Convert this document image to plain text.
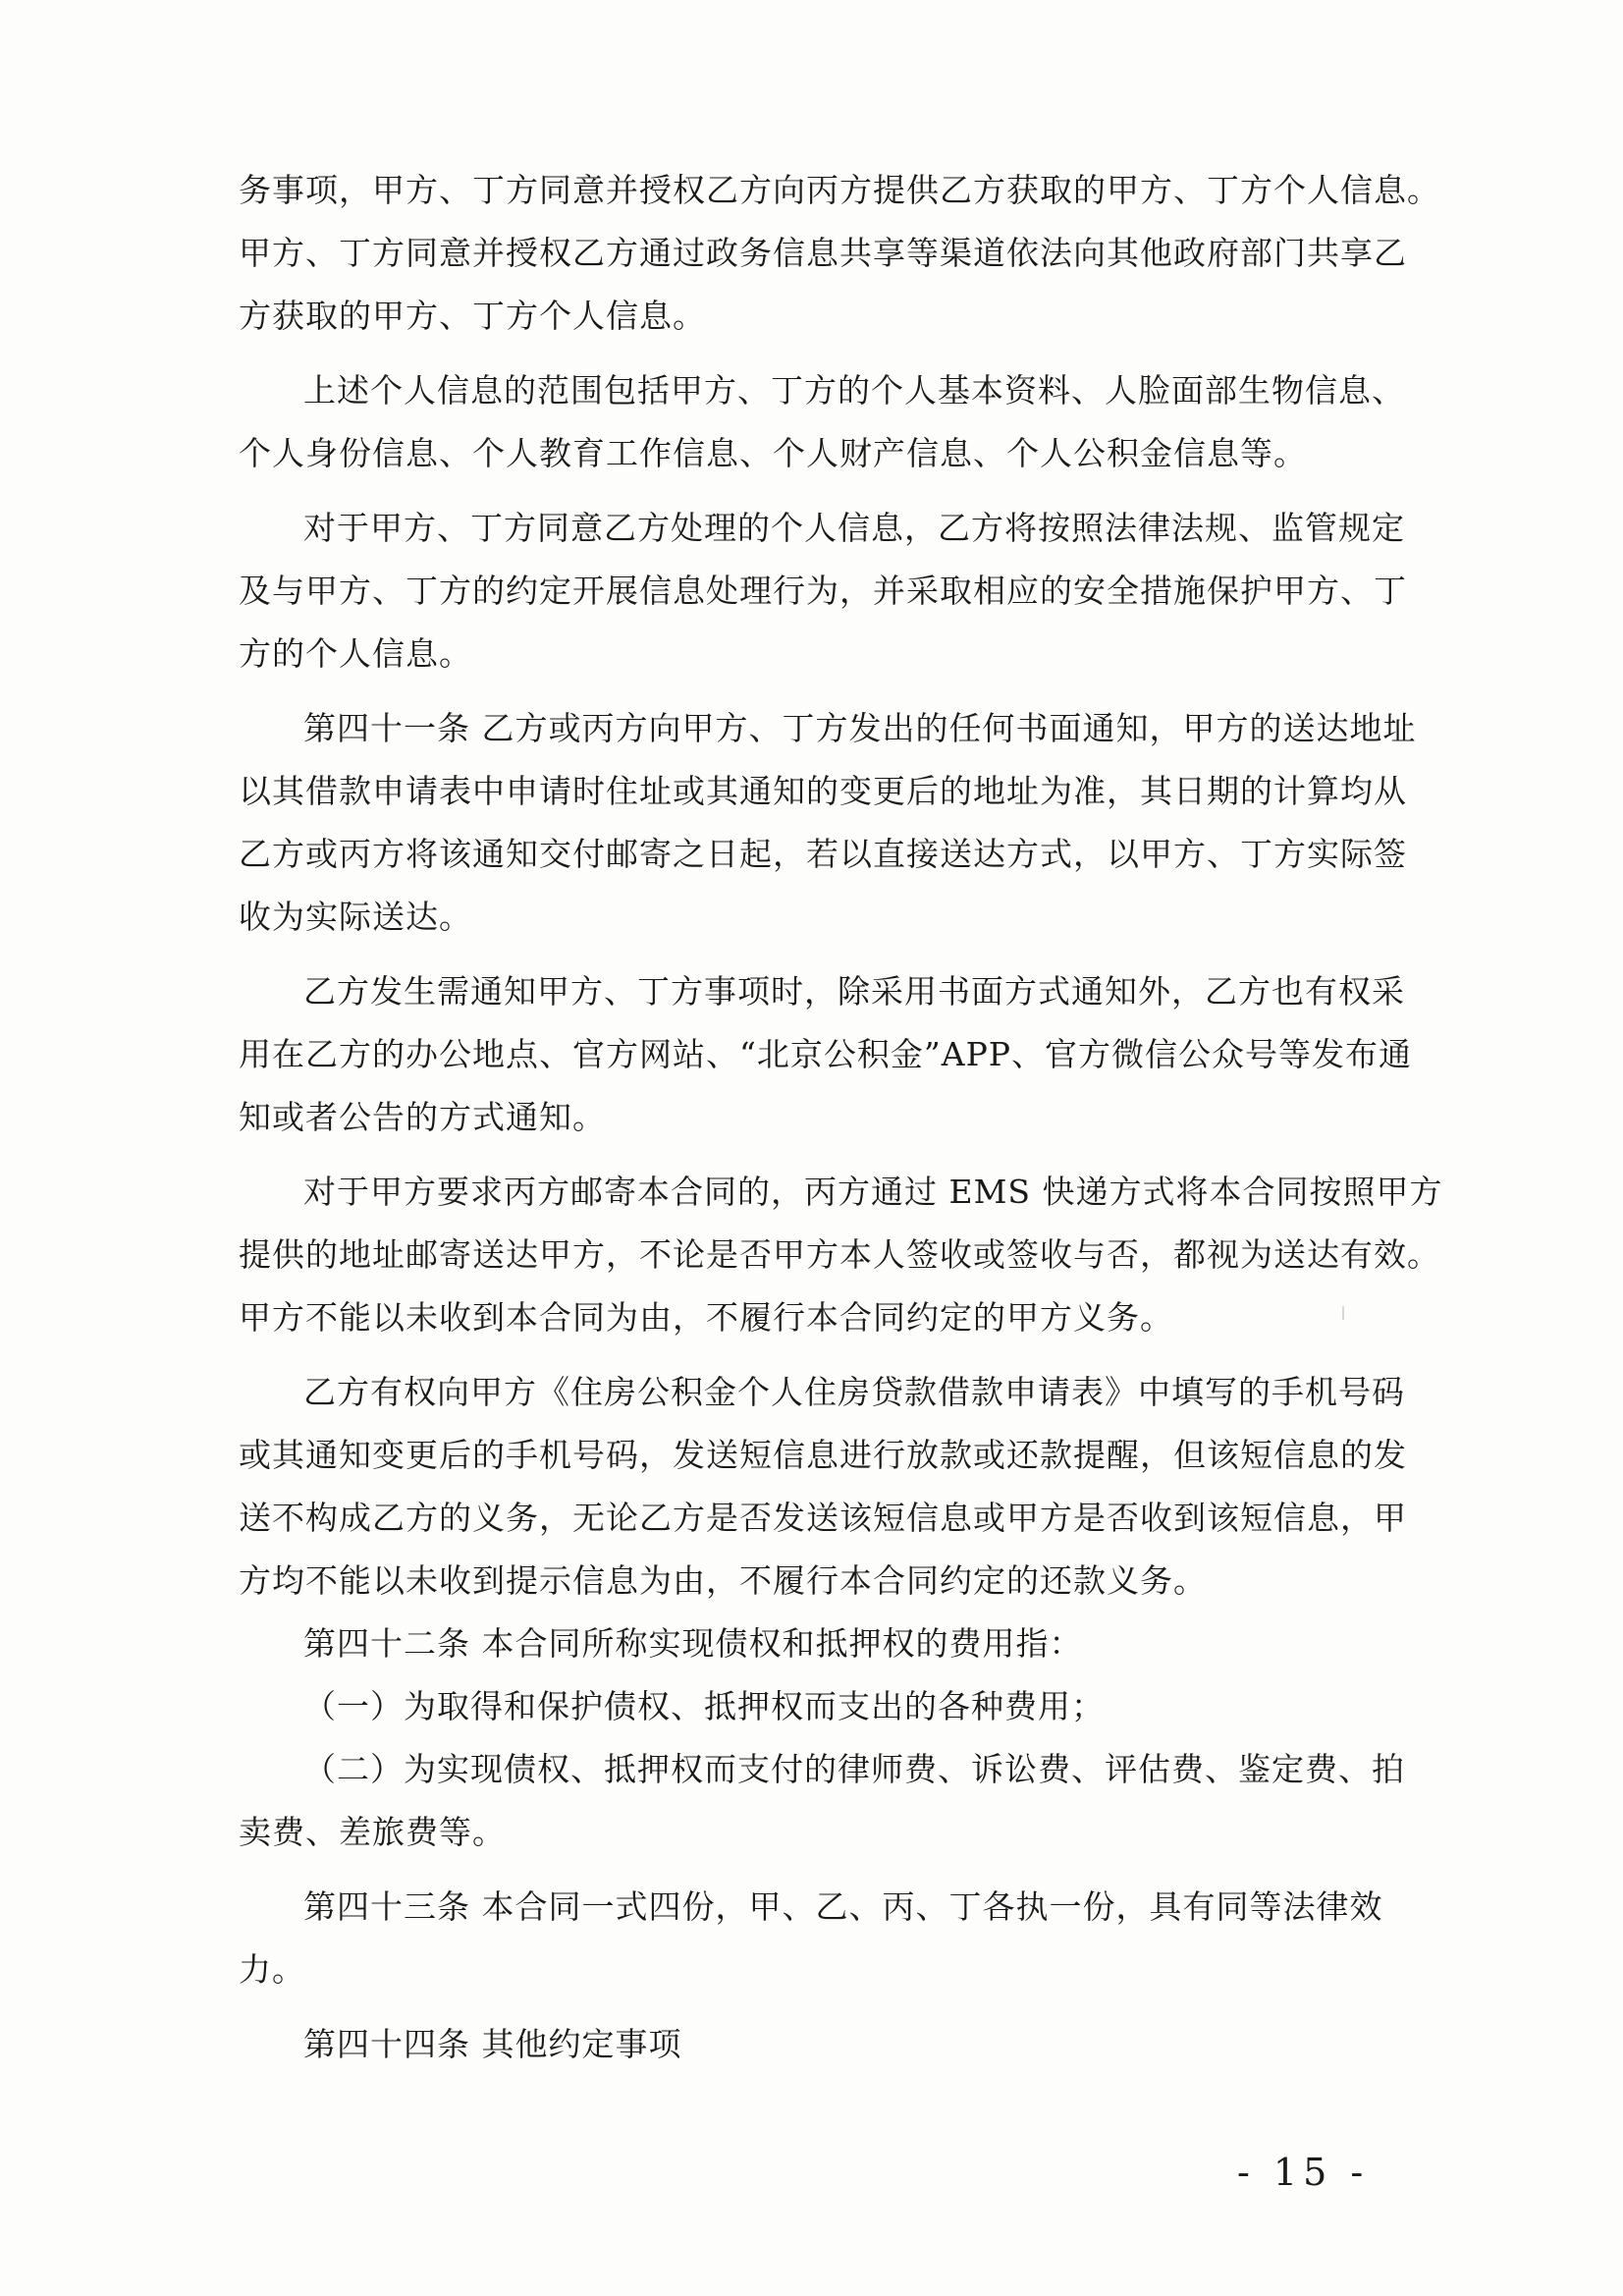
务事项，甲方、丁方同意并授权乙方向丙方提供乙方获取的甲方、丁方个人信息。
甲方、丁方同意并授权乙方通过政务信息共享等渠道依法向其他政府部门共享乙
方获取的甲方、丁方个人信息。
上述个人信息的范围包括甲方、丁方的个人基本资料、人脸面部生物信息、
个人身份信息、个人教育工作信息、个人财产信息、个人公积金信息等。
对于甲方、丁方同意乙方处理的个人信息，乙方将按照法律法规、监管规定
及与甲方、丁方的约定开展信息处理行为，并采取相应的安全措施保护甲方、丁
方的个人信息。
第四十一条 乙方或丙方向甲方、丁方发出的任何书面通知，甲方的送达地址
以其借款申请表中申请时住址或其通知的变更后的地址为准，其日期的计算均从
乙方或丙方将该通知交付邮寄之日起，若以直接送达方式，以甲方、丁方实际签
收为实际送达。
乙方发生需通知甲方、丁方事项时，除采用书面方式通知外，乙方也有权采
用在乙方的办公地点、官方网站、“北京公积金”APP、官方微信公众号等发布通
知或者公告的方式通知。
对于甲方要求丙方邮寄本合同的，丙方通过 EMS 快递方式将本合同按照甲方
提供的地址邮寄送达甲方，不论是否甲方本人签收或签收与否，都视为送达有效。
甲方不能以未收到本合同为由，不履行本合同约定的甲方义务。
乙方有权向甲方《住房公积金个人住房贷款借款申请表》中填写的手机号码
或其通知变更后的手机号码，发送短信息进行放款或还款提醒，但该短信息的发
送不构成乙方的义务，无论乙方是否发送该短信息或甲方是否收到该短信息，甲
方均不能以未收到提示信息为由，不履行本合同约定的还款义务。
第四十二条 本合同所称实现债权和抵押权的费用指：
（一）为取得和保护债权、抵押权而支出的各种费用；
（二）为实现债权、抵押权而支付的律师费、诉讼费、评估费、鉴定费、拍
卖费、差旅费等。
第四十三条 本合同一式四份，甲、乙、丙、丁各执一份，具有同等法律效
力。
第四十四条 其他约定事项
- 15 -
